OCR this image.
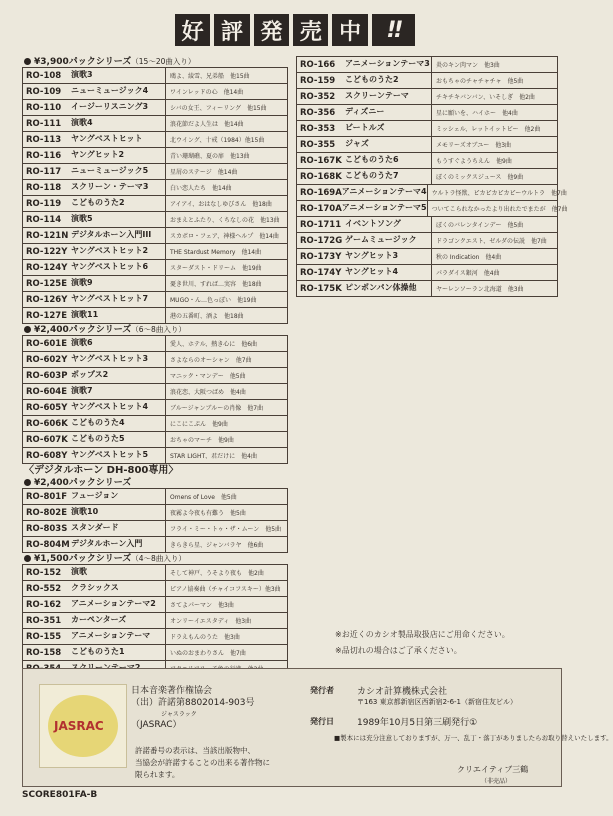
好 評 発 売 中	!!
¥3,900パックシリーズ（15〜20曲入り）
RO-108	演歌3	鴎よ、綾雪、兄弟船　他15曲
RO-109	ニューミュージック4	ワインレッドの心　他14曲
RO-110	イージーリスニング3	シバの女王、フィーリング　他15曲
RO-111	演歌4	浪花節だよ人生は　他14曲
RO-113	ヤングベストヒット	北ウイング、十戒（1984）他15曲
RO-116	ヤングヒット2	青い珊瑚礁、夏の扉　他13曲
RO-117	ニューミュージック5	星屑のステージ　他14曲
RO-118	スクリーン・テーマ3	白い恋人たち　他14曲
RO-119	こどものうた2	アイアイ、おはなしゆびさん　他18曲
RO-114	演歌5	おまえとふたり、くちなしの花　他13曲
RO-121N デジタルホーン入門III	スカボロ・フェア、神様ヘルプ　他14曲
RO-122Y ヤングベストヒット2	THE Stardust Memory　他14曲
RO-124Y ヤングベストヒット6	スターダスト・ドリーム　他19曲
RO-125E 演歌9	憂き世川、すれば…実容　他18曲
RO-126Y ヤングベストヒット7	MUGO・ん…色っぽい　他19曲
RO-127E 演歌11	港の五番町、酒よ　他18曲
¥2,400パックシリーズ（6〜8曲入り）
RO-601E 演歌6	愛人、ホテル、熱き心に　他6曲
RO-602Y ヤングベストヒット3	さよならのオーシャン　他7曲
RO-603P ポップス2	マニック・マンデー　他5曲
RO-604E 演歌7	浪花恋、大阪つばめ　他4曲
RO-605Y ヤングベストヒット4	ブルージャンブルーの肖像　他7曲
RO-606K こどものうた4	にこにこぷん　他9曲
RO-607K こどものうた5	おちゃのマーチ　他9曲
RO-608Y ヤングベストヒット5	STAR LIGHT、君だけに　他4曲
〈デジタルホーン DH-800専用〉
¥2,400パックシリーズ
RO-801F フュージョン	Omens of Love　他5曲
RO-802E 演歌10	夜霧よ今夜も有難う　他5曲
RO-803S スタンダード	フライ・ミー・トゥ・ザ・ムーン　他5曲
RO-804M デジタルホーン入門	きらきら星、ジャンバラヤ　他6曲
¥1,500パックシリーズ（4〜8曲入り）
RO-152	演歌	そして神戸、うそより夜も　他2曲
RO-552	クラシックス	ピアノ協奏曲（チャイコフスキー）他3曲
RO-162	アニメーションテーマ2	さてよパーマン　他3曲
RO-351	カーペンターズ	オンリーイエスタディ　他3曲
RO-155	アニメーションテーマ	ドラえもんのうた　他3曲
RO-158	こどものうた1	いぬのおまわりさん　他7曲
RO-166	アニメーションテーマ3	炎のキン肉マン　他3曲
RO-159	こどものうた2	おもちゃのチャチャチャ　他5曲
RO-352	スクリーンテーマ	チキチキバンバン、いそしぎ　他2曲
RO-356	ディズニー	星に願いを、ハイホー　他4曲
RO-353	ビートルズ	ミッシェル、レットイットビー　他2曲
RO-355	ジャズ	メモリーズオブユー　他3曲
RO-167K こどものうた6	もうすぐようちえん　他9曲
RO-168K こどものうた7	ぼくのミックスジュース　他9曲
RO-169A アニメーションテーマ4 ウルトラ怪獣、ピカピカピカピーウルトラ　他7曲
RO-170A アニメーションテーマ5 ついてこられなかったより出れたでまたが　他7曲
RO-1711 イベントソング	ぼくのバレンタインデー　他5曲
RO-172G ゲームミュージック	ドラゴンクエスト、ゼルダの伝説　他7曲
RO-173Y ヤングヒット3	秋の Indication　他4曲
RO-174Y ヤングヒット4	パラダイス銀河　他4曲
RO-175K ピンポンパン体操他	ヤーレンソーラン北海道　他3曲
※お近くのカシオ製品取扱店にご用命ください。
※品切れの場合はご了承ください。
JASRAC
日本音楽著作権協会
（出）許諾第8802014-903号
ジャスラック
（JASRAC）
許諾番号の表示は、当該出版物中、
当協会が許諾することの出来る著作物に
限られます。
発行者	カシオ計算機株式会社
〒163 東京都新宿区西新宿2-6-1（新宿住友ビル）
発行日	1989年10月5日第三刷発行①
■製本には充分注意しておりますが、万一、乱丁・落丁がありましたらお取り替えいたします。
クリエイティブ三鶴
（非売品）
SCORE801FA-B
